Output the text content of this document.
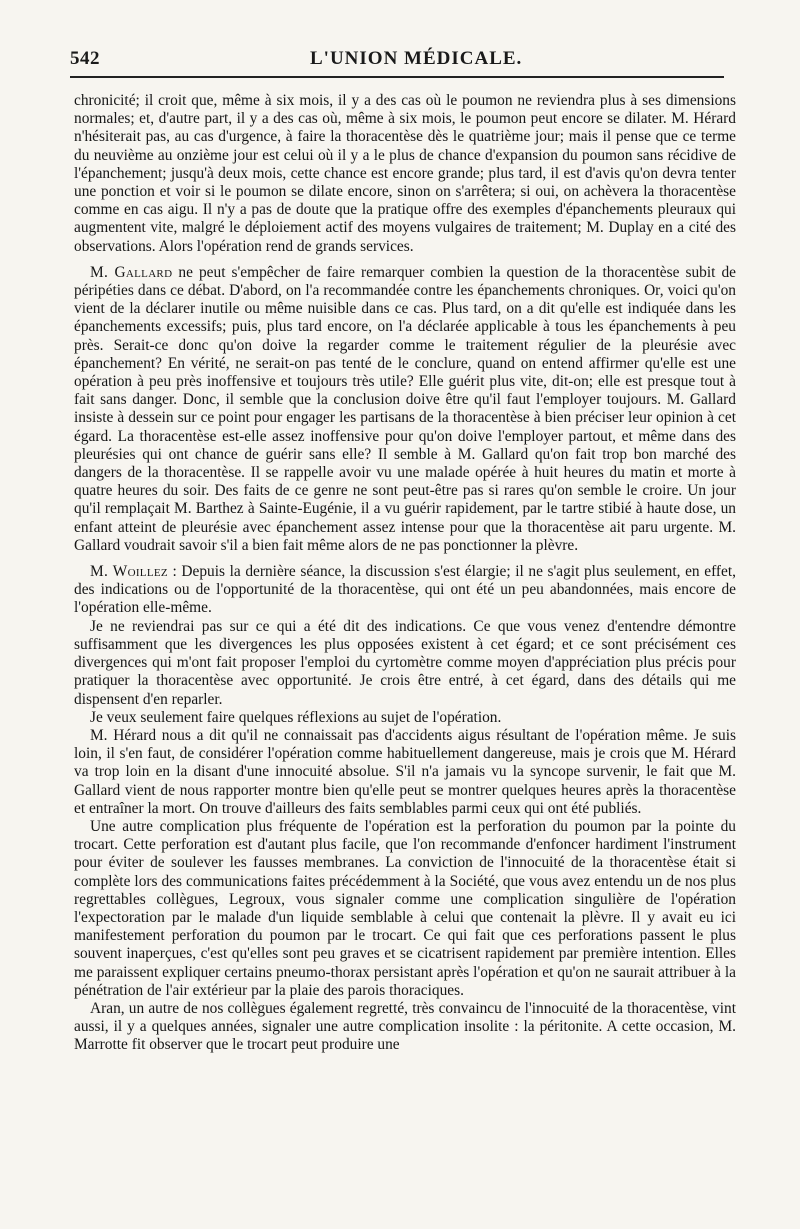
542	L'UNION MÉDICALE.

chronicité; il croit que, même à six mois, il y a des cas où le poumon ne reviendra plus à ses dimensions normales; et, d'autre part, il y a des cas où, même à six mois, le poumon peut encore se dilater. M. Hérard n'hésiterait pas, au cas d'urgence, à faire la thoracentèse dès le quatrième jour; mais il pense que ce terme du neuvième au onzième jour est celui où il y a le plus de chance d'expansion du poumon sans récidive de l'épanchement; jusqu'à deux mois, cette chance est encore grande; plus tard, il est d'avis qu'on devra tenter une ponction et voir si le poumon se dilate encore, sinon on s'arrêtera; si oui, on achèvera la thoracentèse comme en cas aigu. Il n'y a pas de doute que la pratique offre des exemples d'épanchements pleuraux qui augmentent vite, malgré le déploiement actif des moyens vulgaires de traitement; M. Duplay en a cité des observations. Alors l'opération rend de grands services.

M. Gallard ne peut s'empêcher de faire remarquer combien la question de la thoracentèse subit de péripéties dans ce débat. D'abord, on l'a recommandée contre les épanchements chroniques. Or, voici qu'on vient de la déclarer inutile ou même nuisible dans ce cas. Plus tard, on a dit qu'elle est indiquée dans les épanchements excessifs; puis, plus tard encore, on l'a déclarée applicable à tous les épanchements à peu près. Serait-ce donc qu'on doive la regarder comme le traitement régulier de la pleurésie avec épanchement? En vérité, ne serait-on pas tenté de le conclure, quand on entend affirmer qu'elle est une opération à peu près inoffensive et toujours très utile? Elle guérit plus vite, dit-on; elle est presque tout à fait sans danger. Donc, il semble que la conclusion doive être qu'il faut l'employer toujours. M. Gallard insiste à dessein sur ce point pour engager les partisans de la thoracentèse à bien préciser leur opinion à cet égard. La thoracentèse est-elle assez inoffensive pour qu'on doive l'employer partout, et même dans des pleurésies qui ont chance de guérir sans elle? Il semble à M. Gallard qu'on fait trop bon marché des dangers de la thoracentèse. Il se rappelle avoir vu une malade opérée à huit heures du matin et morte à quatre heures du soir. Des faits de ce genre ne sont peut-être pas si rares qu'on semble le croire. Un jour qu'il remplaçait M. Barthez à Sainte-Eugénie, il a vu guérir rapidement, par le tartre stibié à haute dose, un enfant atteint de pleurésie avec épanchement assez intense pour que la thoracentèse ait paru urgente. M. Gallard voudrait savoir s'il a bien fait même alors de ne pas ponctionner la plèvre.

M. Woillez : Depuis la dernière séance, la discussion s'est élargie; il ne s'agit plus seulement, en effet, des indications ou de l'opportunité de la thoracentèse, qui ont été un peu abandonnées, mais encore de l'opération elle-même.

Je ne reviendrai pas sur ce qui a été dit des indications. Ce que vous venez d'entendre démontre suffisamment que les divergences les plus opposées existent à cet égard; et ce sont précisément ces divergences qui m'ont fait proposer l'emploi du cyrtomètre comme moyen d'appréciation plus précis pour pratiquer la thoracentèse avec opportunité. Je crois être entré, à cet égard, dans des détails qui me dispensent d'en reparler.

Je veux seulement faire quelques réflexions au sujet de l'opération.

M. Hérard nous a dit qu'il ne connaissait pas d'accidents aigus résultant de l'opération même. Je suis loin, il s'en faut, de considérer l'opération comme habituellement dangereuse, mais je crois que M. Hérard va trop loin en la disant d'une innocuité absolue. S'il n'a jamais vu la syncope survenir, le fait que M. Gallard vient de nous rapporter montre bien qu'elle peut se montrer quelques heures après la thoracentèse et entraîner la mort. On trouve d'ailleurs des faits semblables parmi ceux qui ont été publiés.

Une autre complication plus fréquente de l'opération est la perforation du poumon par la pointe du trocart. Cette perforation est d'autant plus facile, que l'on recommande d'enfoncer hardiment l'instrument pour éviter de soulever les fausses membranes. La conviction de l'innocuité de la thoracentèse était si complète lors des communications faites précédemment à la Société, que vous avez entendu un de nos plus regrettables collègues, Legroux, vous signaler comme une complication singulière de l'opération l'expectoration par le malade d'un liquide semblable à celui que contenait la plèvre. Il y avait eu ici manifestement perforation du poumon par le trocart. Ce qui fait que ces perforations passent le plus souvent inaperçues, c'est qu'elles sont peu graves et se cicatrisent rapidement par première intention. Elles me paraissent expliquer certains pneumo-thorax persistant après l'opération et qu'on ne saurait attribuer à la pénétration de l'air extérieur par la plaie des parois thoraciques.

Aran, un autre de nos collègues également regretté, très convaincu de l'innocuité de la thoracentèse, vint aussi, il y a quelques années, signaler une autre complication insolite : la péritonite. A cette occasion, M. Marrotte fit observer que le trocart peut produire une
